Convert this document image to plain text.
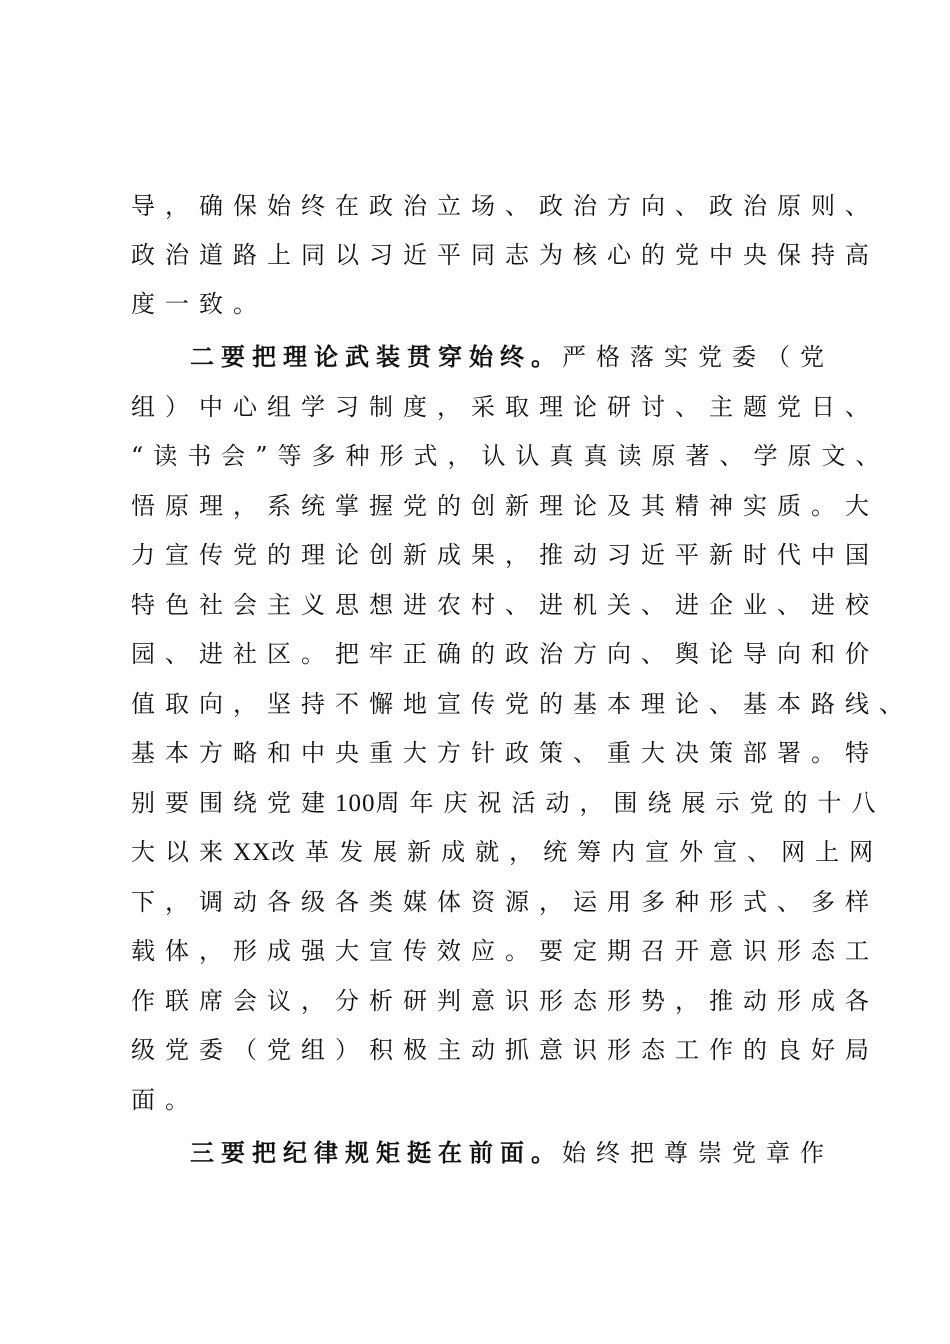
导，确保始终在政治立场、政治方向、政治原则、
政治道路上同以习近平同志为核心的党中央保持高
度一致。
二要把理论武装贯穿始终。严格落实党委（党
组）中心组学习制度，采取理论研讨、主题党日、
“读书会”等多种形式，认认真真读原著、学原文、
悟原理，系统掌握党的创新理论及其精神实质。大
力宣传党的理论创新成果，推动习近平新时代中国
特色社会主义思想进农村、进机关、进企业、进校
园、进社区。把牢正确的政治方向、舆论导向和价
值取向，坚持不懈地宣传党的基本理论、基本路线、
基本方略和中央重大方针政策、重大决策部署。特
别要围绕党建100周年庆祝活动，围绕展示党的十八
大以来XX改革发展新成就，统筹内宣外宣、网上网
下，调动各级各类媒体资源，运用多种形式、多样
载体，形成强大宣传效应。要定期召开意识形态工
作联席会议，分析研判意识形态形势，推动形成各
级党委（党组）积极主动抓意识形态工作的良好局
面。
三要把纪律规矩挺在前面。始终把尊崇党章作
